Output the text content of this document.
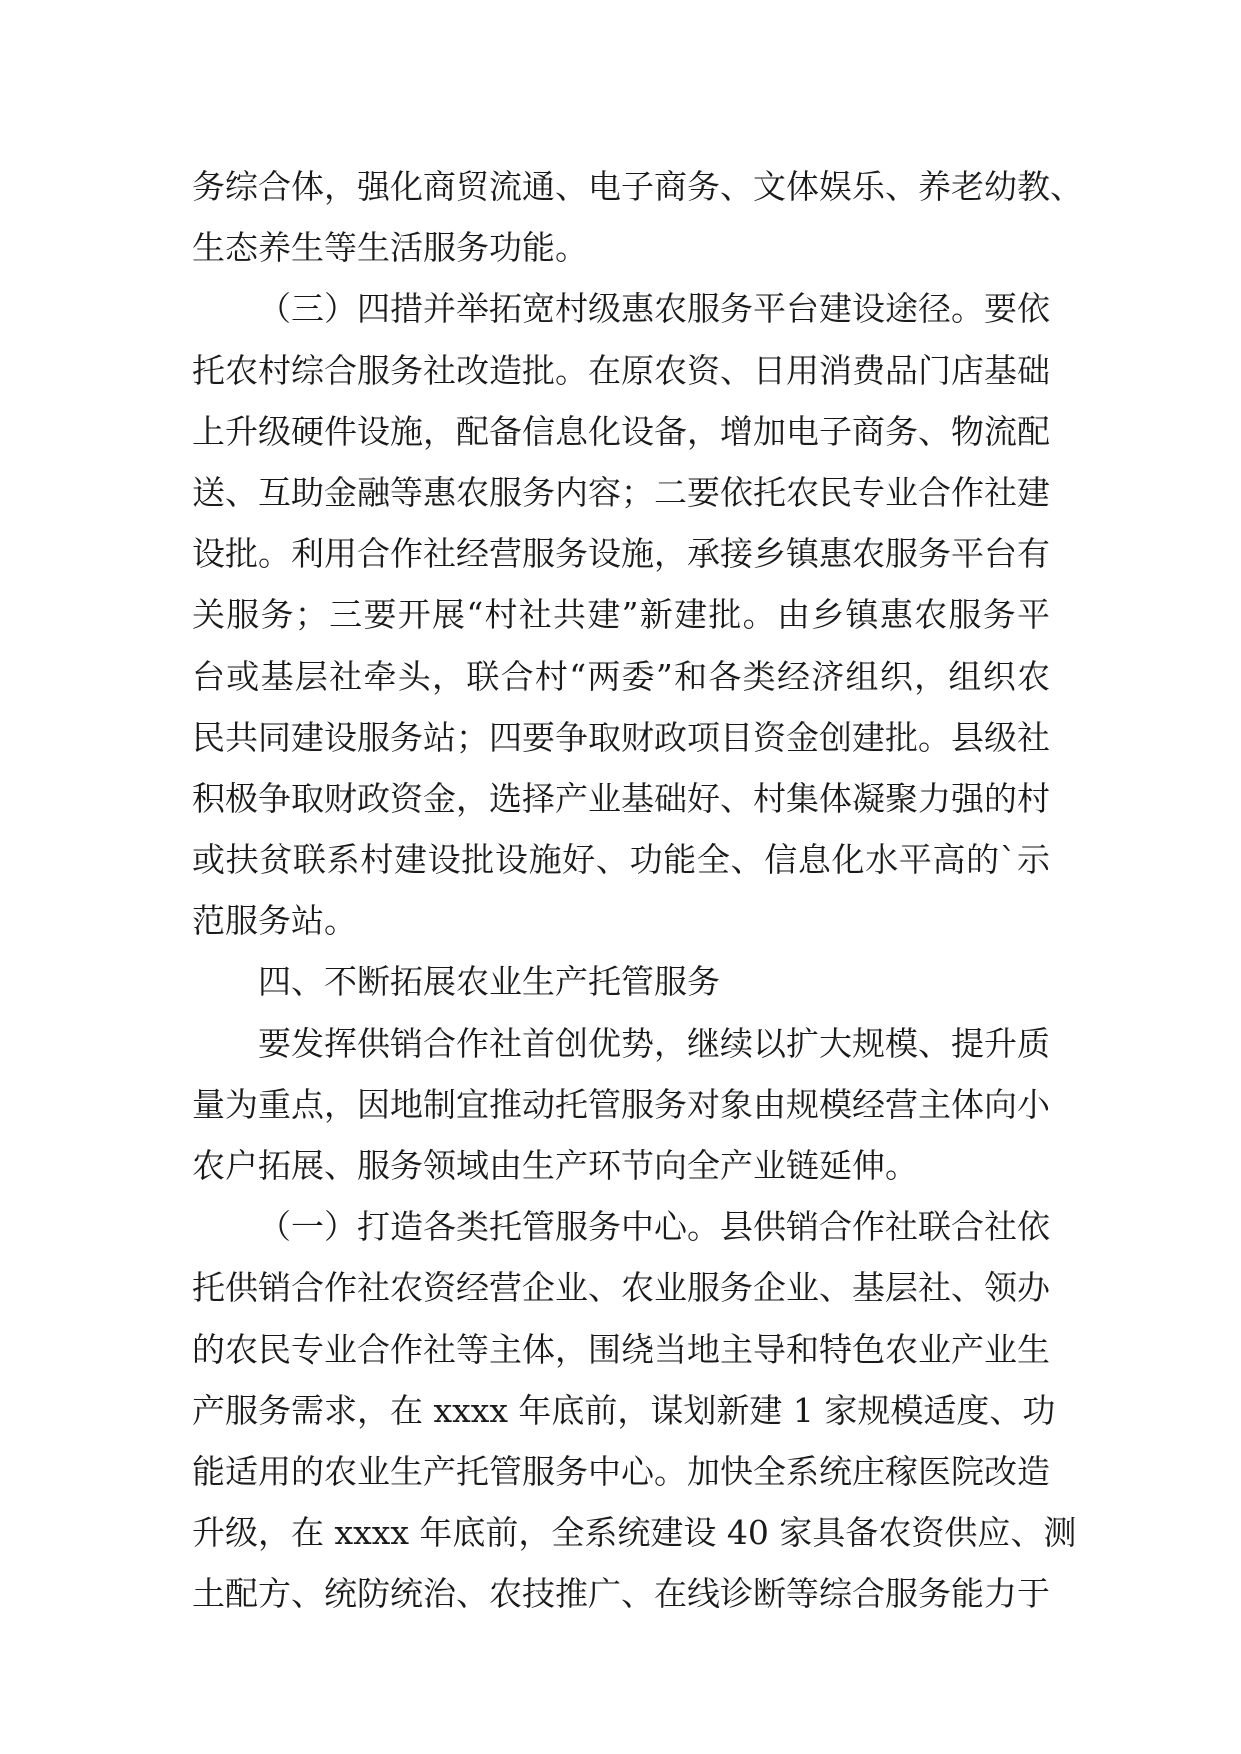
务综合体，强化商贸流通、电子商务、文体娱乐、养老幼教、
生态养生等生活服务功能。
（三）四措并举拓宽村级惠农服务平台建设途径。要依
托农村综合服务社改造批。在原农资、日用消费品门店基础
上升级硬件设施，配备信息化设备，增加电子商务、物流配
送、互助金融等惠农服务内容；二要依托农民专业合作社建
设批。利用合作社经营服务设施，承接乡镇惠农服务平台有
关服务；三要开展“村社共建”新建批。由乡镇惠农服务平
台或基层社牵头，联合村“两委”和各类经济组织，组织农
民共同建设服务站；四要争取财政项目资金创建批。县级社
积极争取财政资金，选择产业基础好、村集体凝聚力强的村
或扶贫联系村建设批设施好、功能全、信息化水平高的`示
范服务站。
四、不断拓展农业生产托管服务
要发挥供销合作社首创优势，继续以扩大规模、提升质
量为重点，因地制宜推动托管服务对象由规模经营主体向小
农户拓展、服务领域由生产环节向全产业链延伸。
（一）打造各类托管服务中心。县供销合作社联合社依
托供销合作社农资经营企业、农业服务企业、基层社、领办
的农民专业合作社等主体，围绕当地主导和特色农业产业生
产服务需求，在 xxxx 年底前，谋划新建 1 家规模适度、功
能适用的农业生产托管服务中心。加快全系统庄稼医院改造
升级，在 xxxx 年底前，全系统建设 40 家具备农资供应、测
土配方、统防统治、农技推广、在线诊断等综合服务能力于
